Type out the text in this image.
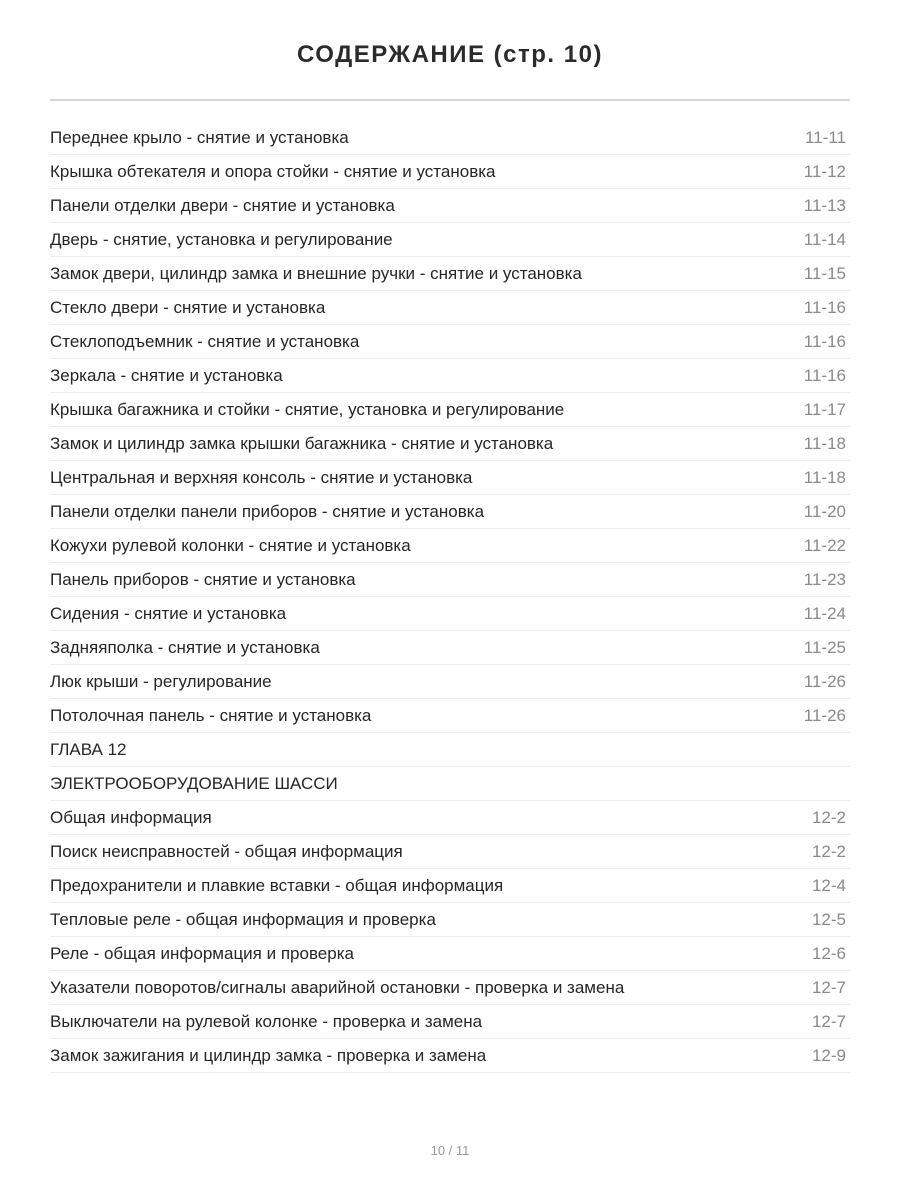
СОДЕРЖАНИЕ (стр. 10)
Переднее крыло - снятие и установка	11-11
Крышка обтекателя и опора стойки - снятие и установка	11-12
Панели отделки двери - снятие и установка	11-13
Дверь - снятие, установка и регулирование	11-14
Замок двери, цилиндр замка и внешние ручки - снятие и установка	11-15
Стекло двери - снятие и установка	11-16
Стеклоподъемник - снятие и установка	11-16
Зеркала - снятие и установка	11-16
Крышка багажника и стойки - снятие, установка и регулирование	11-17
Замок и цилиндр замка крышки багажника - снятие и установка	11-18
Центральная и верхняя консоль - снятие и установка	11-18
Панели отделки панели приборов - снятие и установка	11-20
Кожухи рулевой колонки - снятие и установка	11-22
Панель приборов - снятие и установка	11-23
Сидения - снятие и установка	11-24
Задняяполка - снятие и установка	11-25
Люк крыши - регулирование	11-26
Потолочная панель - снятие и установка	11-26
ГЛАВА 12
ЭЛЕКТРООБОРУДОВАНИЕ ШАССИ
Общая информация	12-2
Поиск неисправностей - общая информация	12-2
Предохранители и плавкие вставки - общая информация	12-4
Тепловые реле - общая информация и проверка	12-5
Реле - общая информация и проверка	12-6
Указатели поворотов/сигналы аварийной остановки - проверка и замена	12-7
Выключатели на рулевой колонке - проверка и замена	12-7
Замок зажигания и цилиндр замка - проверка и замена	12-9
10 / 11
